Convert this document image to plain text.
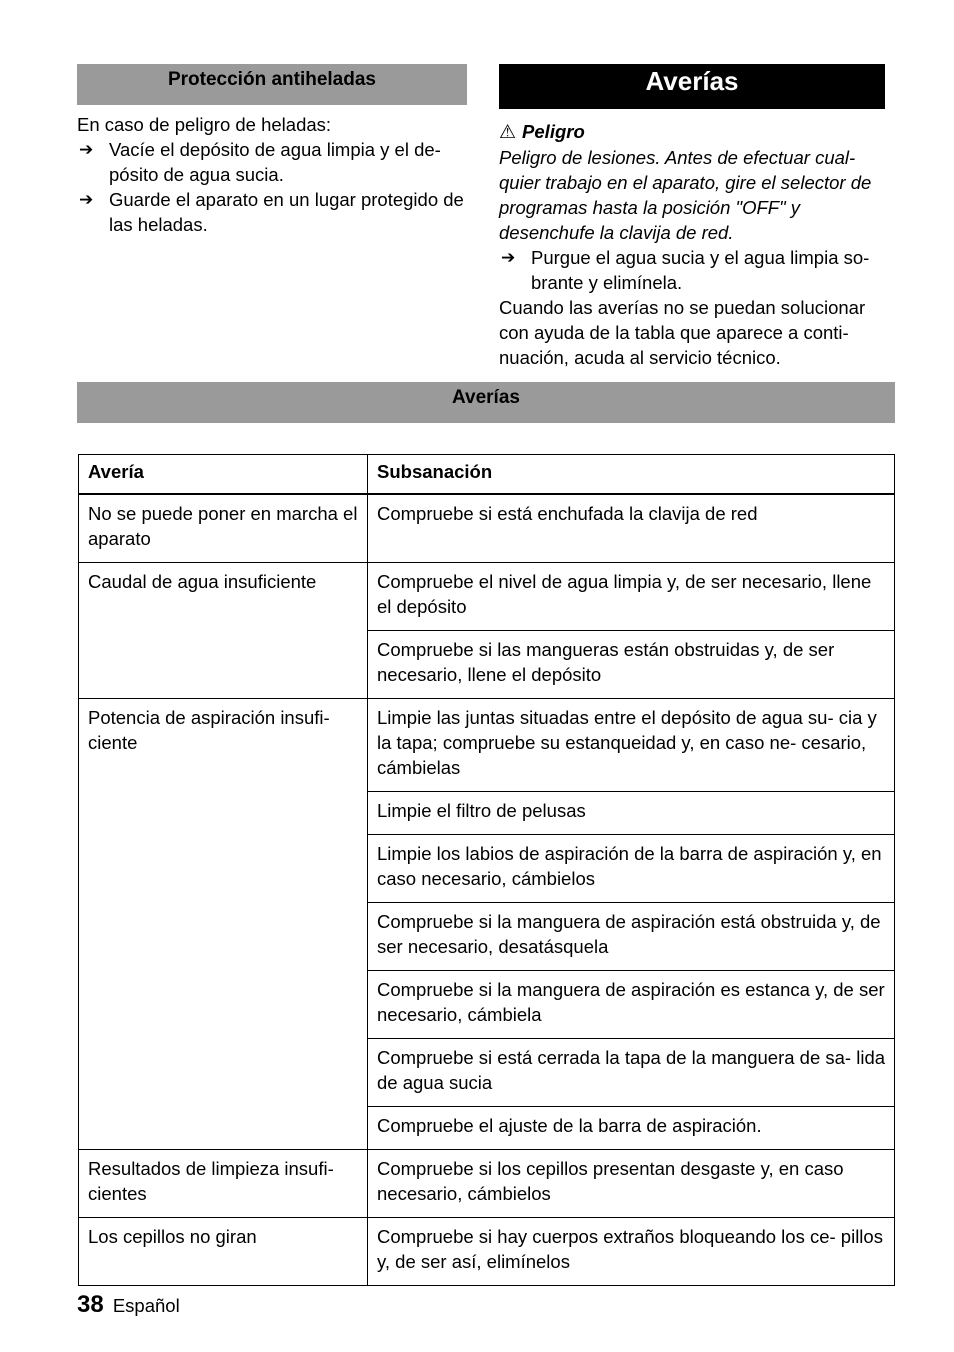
Protección antiheladas	Averías

En caso de peligro de heladas:

➔ Vacíe el depósito de agua limpia y el de- pósito de agua sucia.

➔ Guarde el aparato en un lugar protegido de las heladas.

⚠ Peligro

Peligro de lesiones. Antes de efectuar cual- quier trabajo en el aparato, gire el selector de programas hasta la posición "OFF" y desenchufe la clavija de red.

➔ Purgue el agua sucia y el agua limpia so- brante y elimínela.

Cuando las averías no se puedan solucionar con ayuda de la tabla que aparece a conti- nuación, acuda al servicio técnico.

Averías
Avería	Subsanación
No se puede poner en marcha el aparato	Compruebe si está enchufada la clavija de red
Caudal de agua insuficiente	Compruebe el nivel de agua limpia y, de ser necesario, llene el depósito
	Compruebe si las mangueras están obstruidas y, de ser necesario, llene el depósito
Potencia de aspiración insufi- ciente	Limpie las juntas situadas entre el depósito de agua su- cia y la tapa; compruebe su estanqueidad y, en caso ne- cesario, cámbielas
	Limpie el filtro de pelusas
	Limpie los labios de aspiración de la barra de aspiración y, en caso necesario, cámbielos
	Compruebe si la manguera de aspiración está obstruida y, de ser necesario, desatásquela
	Compruebe si la manguera de aspiración es estanca y, de ser necesario, cámbiela
	Compruebe si está cerrada la tapa de la manguera de sa- lida de agua sucia
	Compruebe el ajuste de la barra de aspiración.
Resultados de limpieza insufi- cientes	Compruebe si los cepillos presentan desgaste y, en caso necesario, cámbielos
Los cepillos no giran	Compruebe si hay cuerpos extraños bloqueando los ce- pillos y, de ser así, elimínelos
38 Español
